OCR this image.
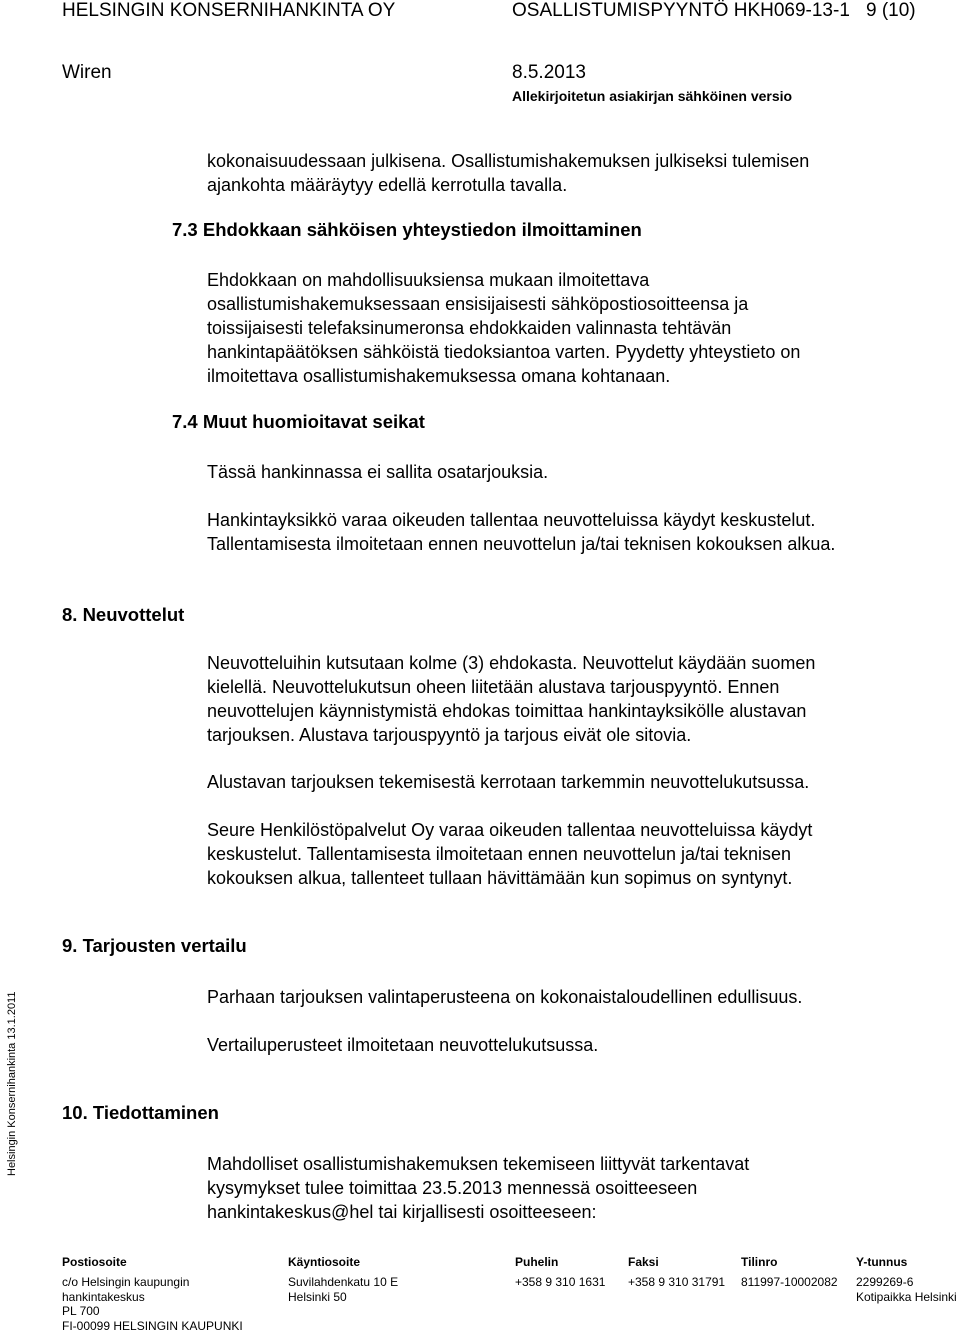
HELSINGIN KONSERNIHANKINTA OY	OSALLISTUMISPYYNTÖ HKH069-13-1 9 (10)
Wiren	8.5.2013
Allekirjoitetun asiakirjan sähköinen versio
kokonaisuudessaan julkisena. Osallistumishakemuksen julkiseksi tulemisen
ajankohta määräytyy edellä kerrotulla tavalla.
7.3 Ehdokkaan sähköisen yhteystiedon ilmoittaminen
Ehdokkaan on mahdollisuuksiensa mukaan ilmoitettava
osallistumishakemuksessaan ensisijaisesti sähköpostiosoitteensa ja
toissijaisesti telefaksinumeronsa ehdokkaiden valinnasta tehtävän
hankintapäätöksen sähköistä tiedoksiantoa varten. Pyydetty yhteystieto on
ilmoitettava osallistumishakemuksessa omana kohtanaan.
7.4 Muut huomioitavat seikat
Tässä hankinnassa ei sallita osatarjouksia.
Hankintayksikkö varaa oikeuden tallentaa neuvotteluissa käydyt keskustelut.
Tallentamisesta ilmoitetaan ennen neuvottelun ja/tai teknisen kokouksen alkua.
8. Neuvottelut
Neuvotteluihin kutsutaan kolme (3) ehdokasta. Neuvottelut käydään suomen
kielellä. Neuvottelukutsun oheen liitetään alustava tarjouspyyntö. Ennen
neuvottelujen käynnistymistä ehdokas toimittaa hankintayksikölle alustavan
tarjouksen. Alustava tarjouspyyntö ja tarjous eivät ole sitovia.
Alustavan tarjouksen tekemisestä kerrotaan tarkemmin neuvottelukutsussa.
Seure Henkilöstöpalvelut Oy varaa oikeuden tallentaa neuvotteluissa käydyt
keskustelut. Tallentamisesta ilmoitetaan ennen neuvottelun ja/tai teknisen
kokouksen alkua, tallenteet tullaan hävittämään kun sopimus on syntynyt.
9. Tarjousten vertailu
Parhaan tarjouksen valintaperusteena on kokonaistaloudellinen edullisuus.
Vertailuperusteet ilmoitetaan neuvottelukutsussa.
10. Tiedottaminen
Mahdolliset osallistumishakemuksen tekemiseen liittyvät tarkentavat
kysymykset tulee toimittaa 23.5.2013 mennessä osoitteeseen
hankintakeskus@hel tai kirjallisesti osoitteeseen:
Helsingin Konsernihankinta 13.1.2011
Postiosoite
c/o Helsingin kaupungin
hankintakeskus
PL 700
FI-00099 HELSINGIN KAUPUNKI
Käyntiosoite
Suvilahdenkatu 10 E
Helsinki 50
Puhelin
+358 9 310 1631
Faksi
+358 9 310 31791
Tilinro
811997-10002082
Y-tunnus
2299269-6
Kotipaikka Helsinki
